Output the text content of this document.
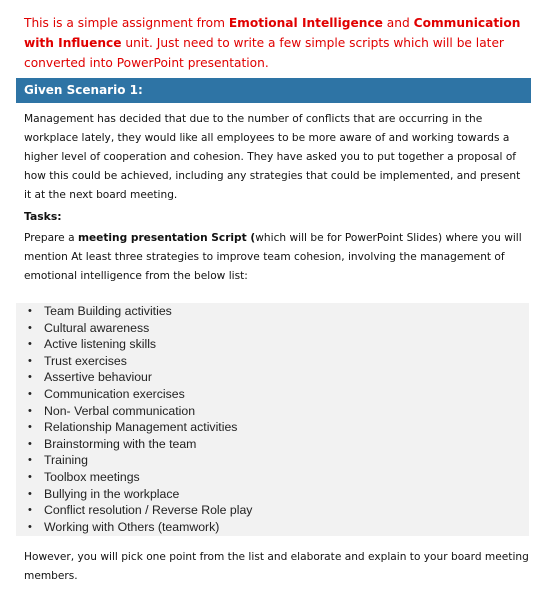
This is a simple assignment from Emotional Intelligence and Communication with Influence unit. Just need to write a few simple scripts which will be later converted into PowerPoint presentation.
Given Scenario 1:
Management has decided that due to the number of conflicts that are occurring in the workplace lately, they would like all employees to be more aware of and working towards a higher level of cooperation and cohesion. They have asked you to put together a proposal of how this could be achieved, including any strategies that could be implemented, and present it at the next board meeting.
Tasks:
Prepare a meeting presentation Script (which will be for PowerPoint Slides) where you will mention At least three strategies to improve team cohesion, involving the management of emotional intelligence from the below list:
• Team Building activities
• Cultural awareness
• Active listening skills
• Trust exercises
• Assertive behaviour
• Communication exercises
• Non- Verbal communication
• Relationship Management activities
• Brainstorming with the team
• Training
• Toolbox meetings
• Bullying in the workplace
• Conflict resolution / Reverse Role play
• Working with Others (teamwork)
However, you will pick one point from the list and elaborate and explain to your board meeting members.
